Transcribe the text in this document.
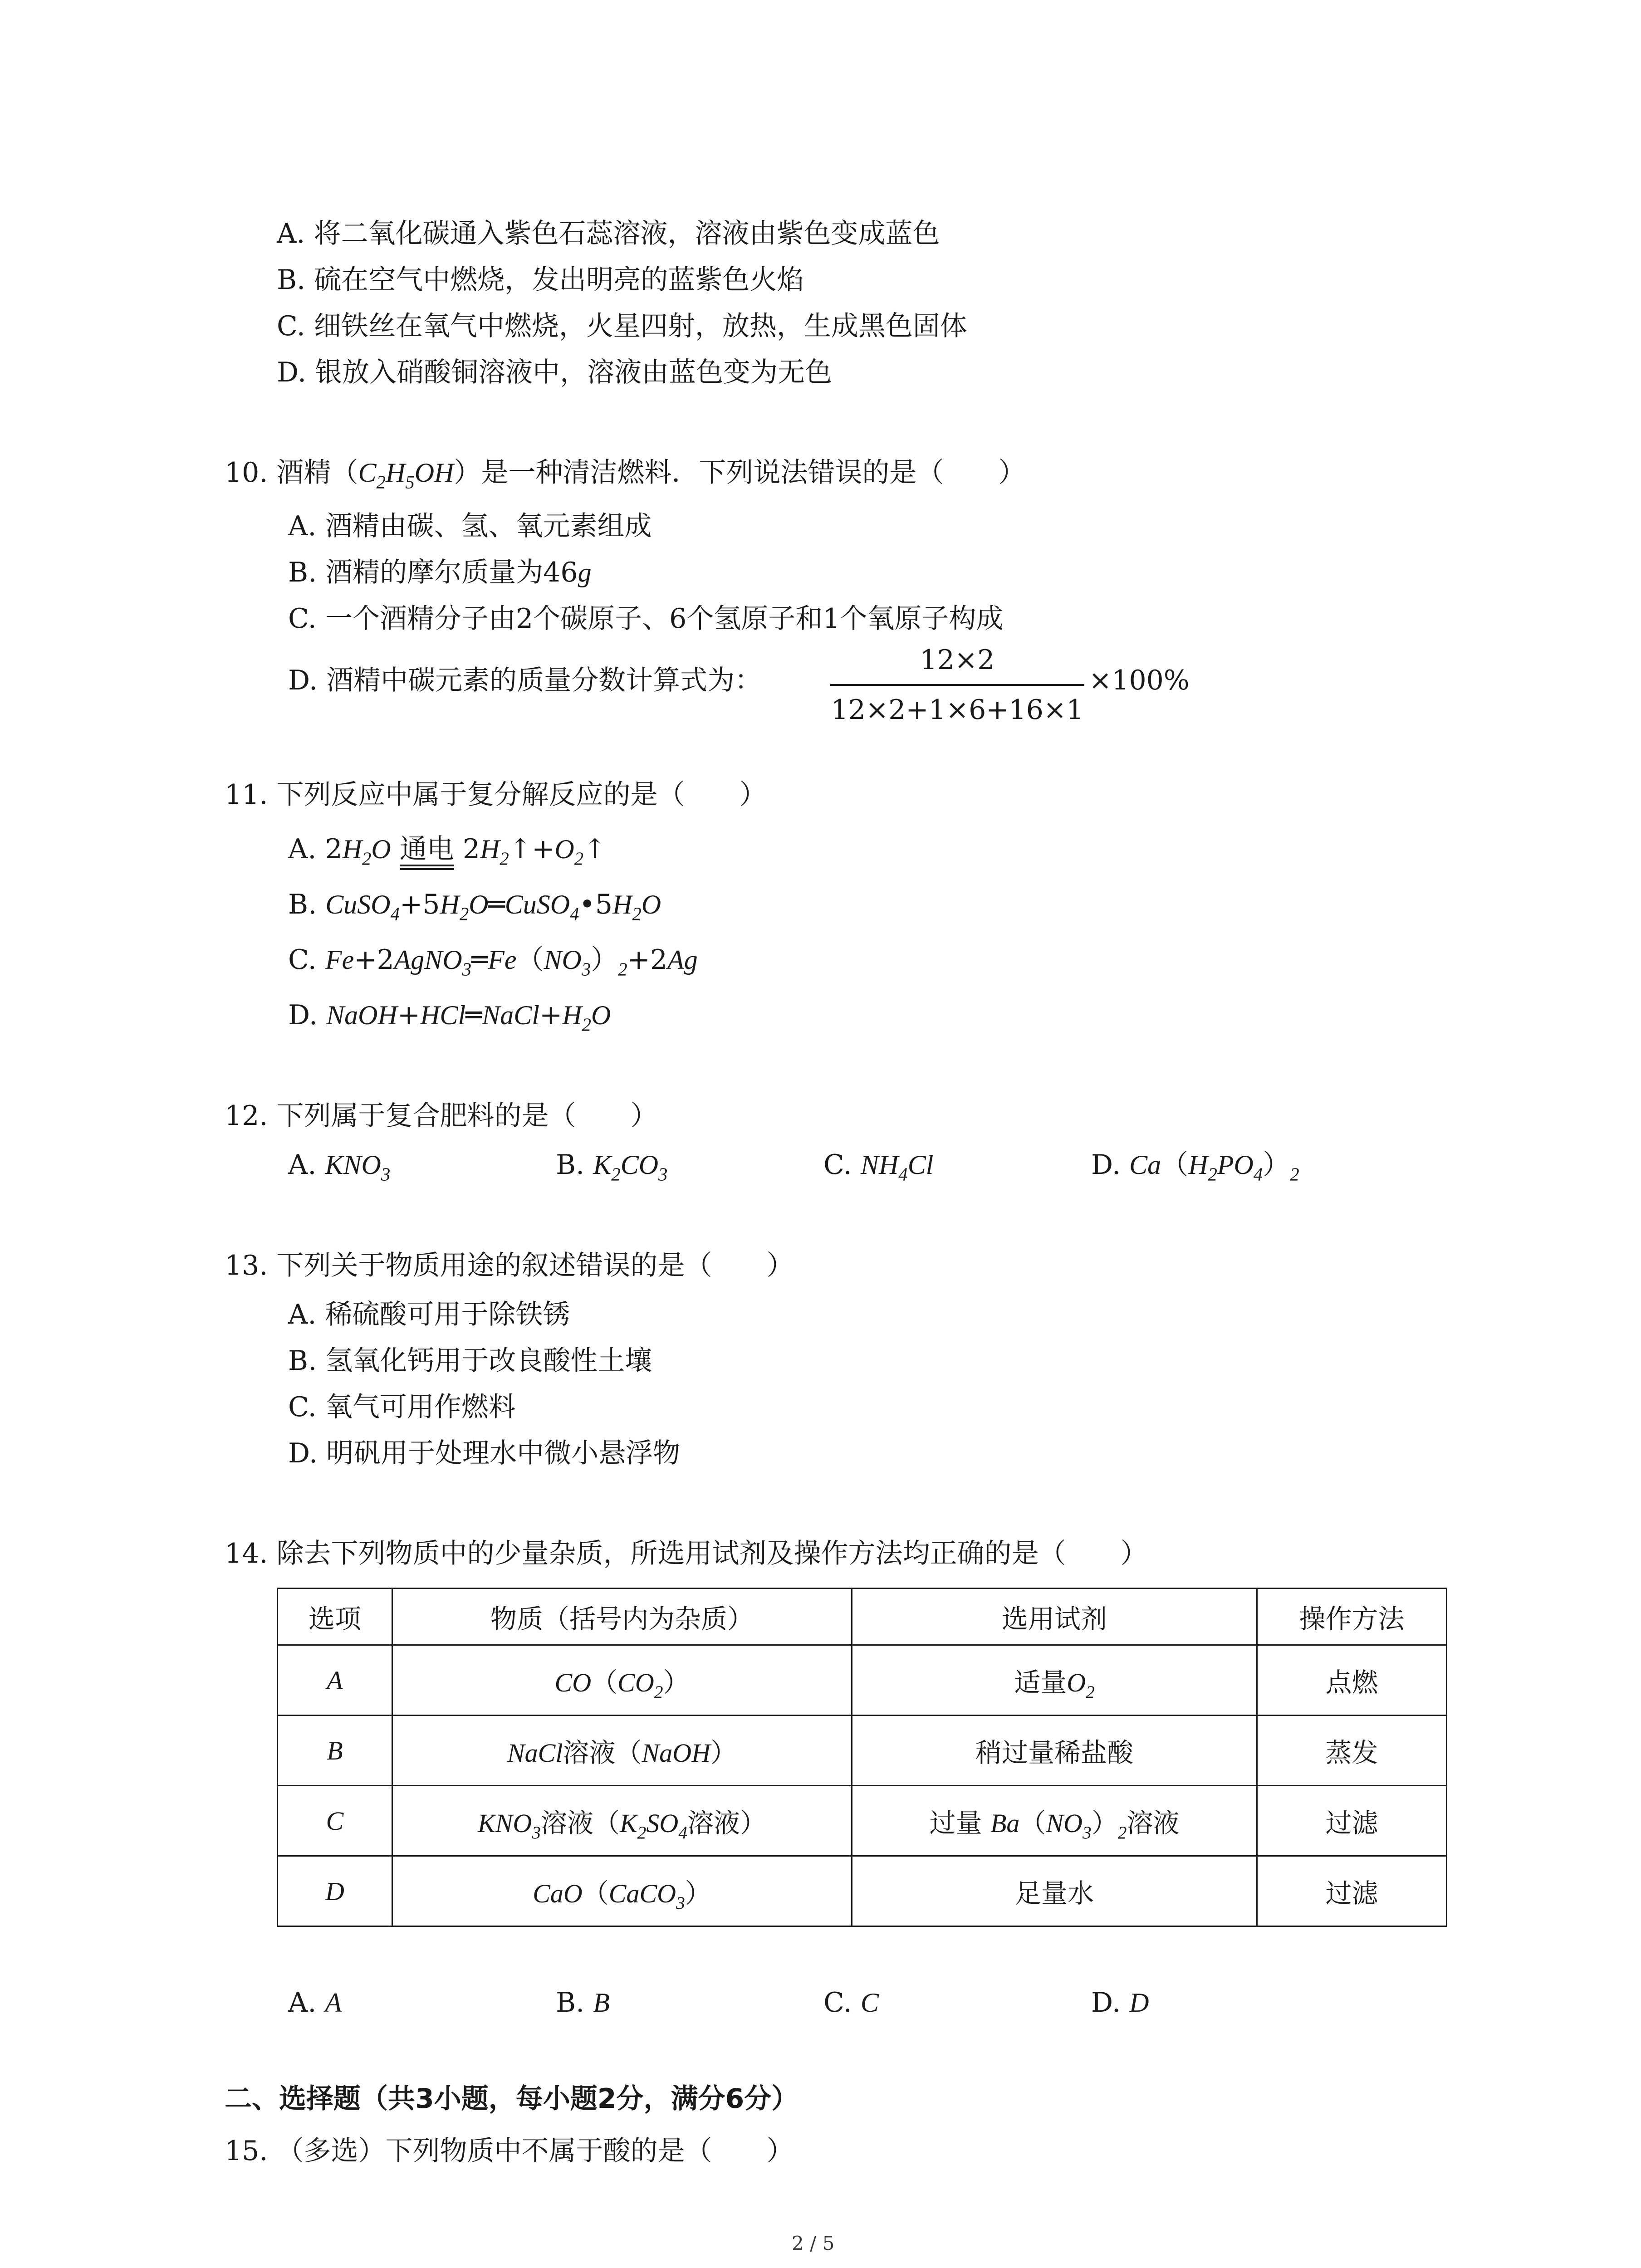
A. 将二氧化碳通入紫色石蕊溶液，溶液由紫色变成蓝色
B. 硫在空气中燃烧，发出明亮的蓝紫色火焰
C. 细铁丝在氧气中燃烧，火星四射，放热，生成黑色固体
D. 银放入硝酸铜溶液中，溶液由蓝色变为无色
10. 酒精$(C_2H_5OH)$是一种清洁燃料．下列说法错误的是（　　）
A. 酒精由碳、氢、氧元素组成
B. 酒精的摩尔质量为46g
C. 一个酒精分子由2个碳原子、6个氢原子和1个氧原子构成
D. 酒精中碳元素的质量分数计算式为：
12×2
12×2+1×6+16×1
×100%
11. 下列反应中属于复分解反应的是（　　）
A. $2H_2O$ 通电 $2H_2↑+O_2↑$
B. $CuSO_4+5H_2O═CuSO_4•5H_2O$
C. $Fe+2AgNO_3═Fe(NO_3)_2+2Ag$
D. $NaOH+HCl═NaCl+H_2O$
12. 下列属于复合肥料的是（　　）
A. $KNO_3$	B. $K_2CO_3$	C. $NH_4Cl$	D. $Ca(H_2PO_4)_2$
13. 下列关于物质用途的叙述错误的是（　　）
A. 稀硫酸可用于除铁锈
B. 氢氧化钙用于改良酸性土壤
C. 氧气可用作燃料
D. 明矾用于处理水中微小悬浮物
14. 除去下列物质中的少量杂质，所选用试剂及操作方法均正确的是（　　）
选项	物质（括号内为杂质）	选用试剂	操作方法
A	$CO(CO_2)$	适量$O_2$	点燃
B	NaCl溶液（NaOH）	稍过量稀盐酸	蒸发
C	$KNO_3$溶液（$K_2SO_4$溶液）	过量 $Ba(NO_3)_2$溶液	过滤
D	CaO（CaCO$_3$）	足量水	过滤
A. A	B. B	C. C	D. D
二、选择题（共3小题，每小题2分，满分6分）
15. （多选）下列物质中不属于酸的是（　　）
2 / 5
